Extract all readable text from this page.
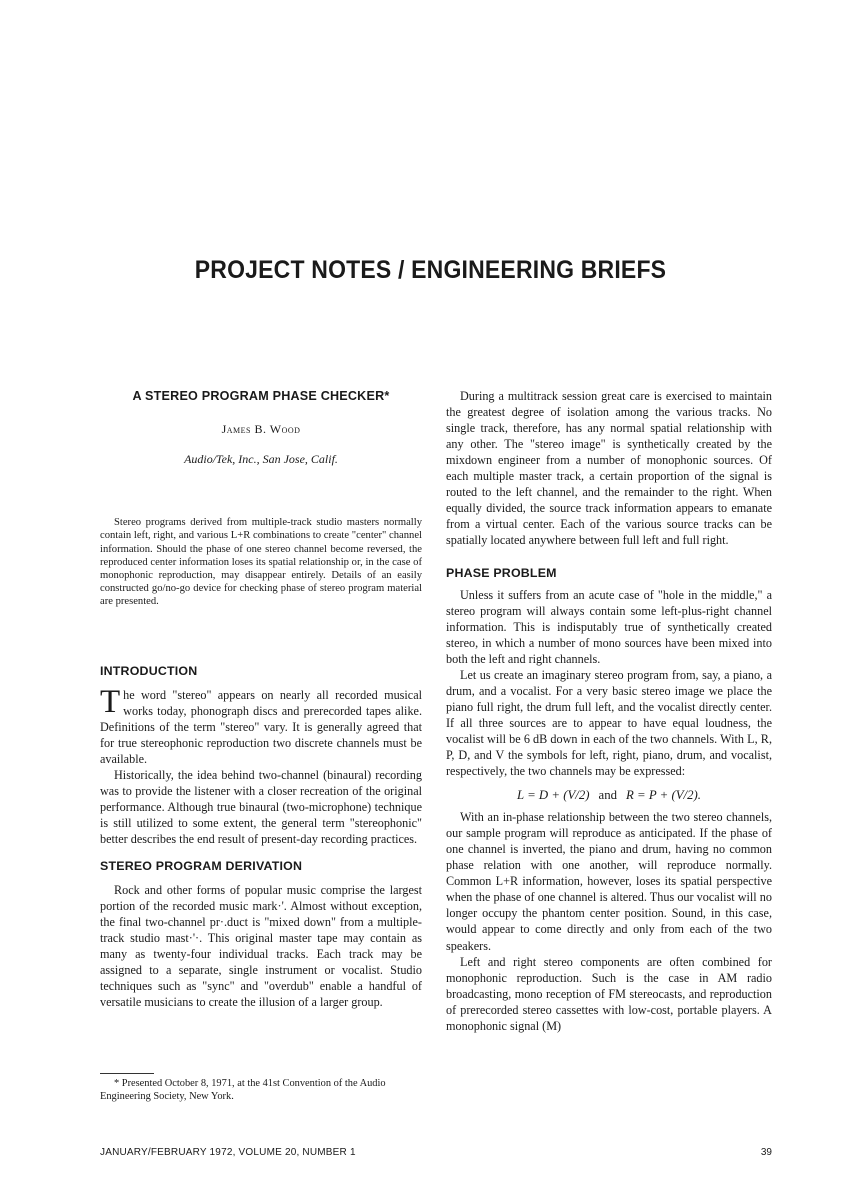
PROJECT NOTES / ENGINEERING BRIEFS
A STEREO PROGRAM PHASE CHECKER*
James B. Wood
Audio/Tek, Inc., San Jose, Calif.

Stereo programs derived from multiple-track studio masters normally contain left, right, and various L+R combinations to create "center" channel information. Should the phase of one stereo channel become reversed, the reproduced center information loses its spatial relationship or, in the case of monophonic reproduction, may disappear entirely. Details of an easily constructed go/no-go device for checking phase of stereo program material are presented.

INTRODUCTION

The word "stereo" appears on nearly all recorded musical works today, phonograph discs and prerecorded tapes alike. Definitions of the term "stereo" vary. It is generally agreed that for true stereophonic reproduction two discrete channels must be available.

Historically, the idea behind two-channel (binaural) recording was to provide the listener with a closer recreation of the original performance. Although true binaural (two-microphone) technique is still utilized to some extent, the general term "stereophonic" better describes the end result of present-day recording practices.

STEREO PROGRAM DERIVATION

Rock and other forms of popular music comprise the largest portion of the recorded music mark·'. Almost without exception, the final two-channel pr·.duct is "mixed down" from a multiple-track studio mast·'·. This original master tape may contain as many as twenty-four individual tracks. Each track may be assigned to a separate, single instrument or vocalist. Studio techniques such as "sync" and "overdub" enable a handful of versatile musicians to create the illusion of a larger group.

During a multitrack session great care is exercised to maintain the greatest degree of isolation among the various tracks. No single track, therefore, has any normal spatial relationship with any other. The "stereo image" is synthetically created by the mixdown engineer from a number of monophonic sources. Of each multiple master track, a certain proportion of the signal is routed to the left channel, and the remainder to the right. When equally divided, the source track information appears to emanate from a virtual center. Each of the various source tracks can be spatially located anywhere between full left and full right.

PHASE PROBLEM

Unless it suffers from an acute case of "hole in the middle," a stereo program will always contain some left-plus-right channel information. This is indisputably true of synthetically created stereo, in which a number of mono sources have been mixed into both the left and right channels.

Let us create an imaginary stereo program from, say, a piano, a drum, and a vocalist. For a very basic stereo image we place the piano full right, the drum full left, and the vocalist directly center. If all three sources are to appear to have equal loudness, the vocalist will be 6 dB down in each of the two channels. With L, R, P, D, and V the symbols for left, right, piano, drum, and vocalist, respectively, the two channels may be expressed:

L = D + (V/2) and R = P + (V/2).

With an in-phase relationship between the two stereo channels, our sample program will reproduce as anticipated. If the phase of one channel is inverted, the piano and drum, having no common phase relation with one another, will reproduce normally. Common L+R information, however, loses its spatial perspective when the phase of one channel is altered. Thus our vocalist will no longer occupy the phantom center position. Sound, in this case, would appear to come directly and only from each of the two speakers.

Left and right stereo components are often combined for monophonic reproduction. Such is the case in AM radio broadcasting, mono reception of FM stereocasts, and reproduction of prerecorded stereo cassettes with low-cost, portable players. A monophonic signal (M)

* Presented October 8, 1971, at the 41st Convention of the Audio Engineering Society, New York.
JANUARY/FEBRUARY 1972, VOLUME 20, NUMBER 1	39
